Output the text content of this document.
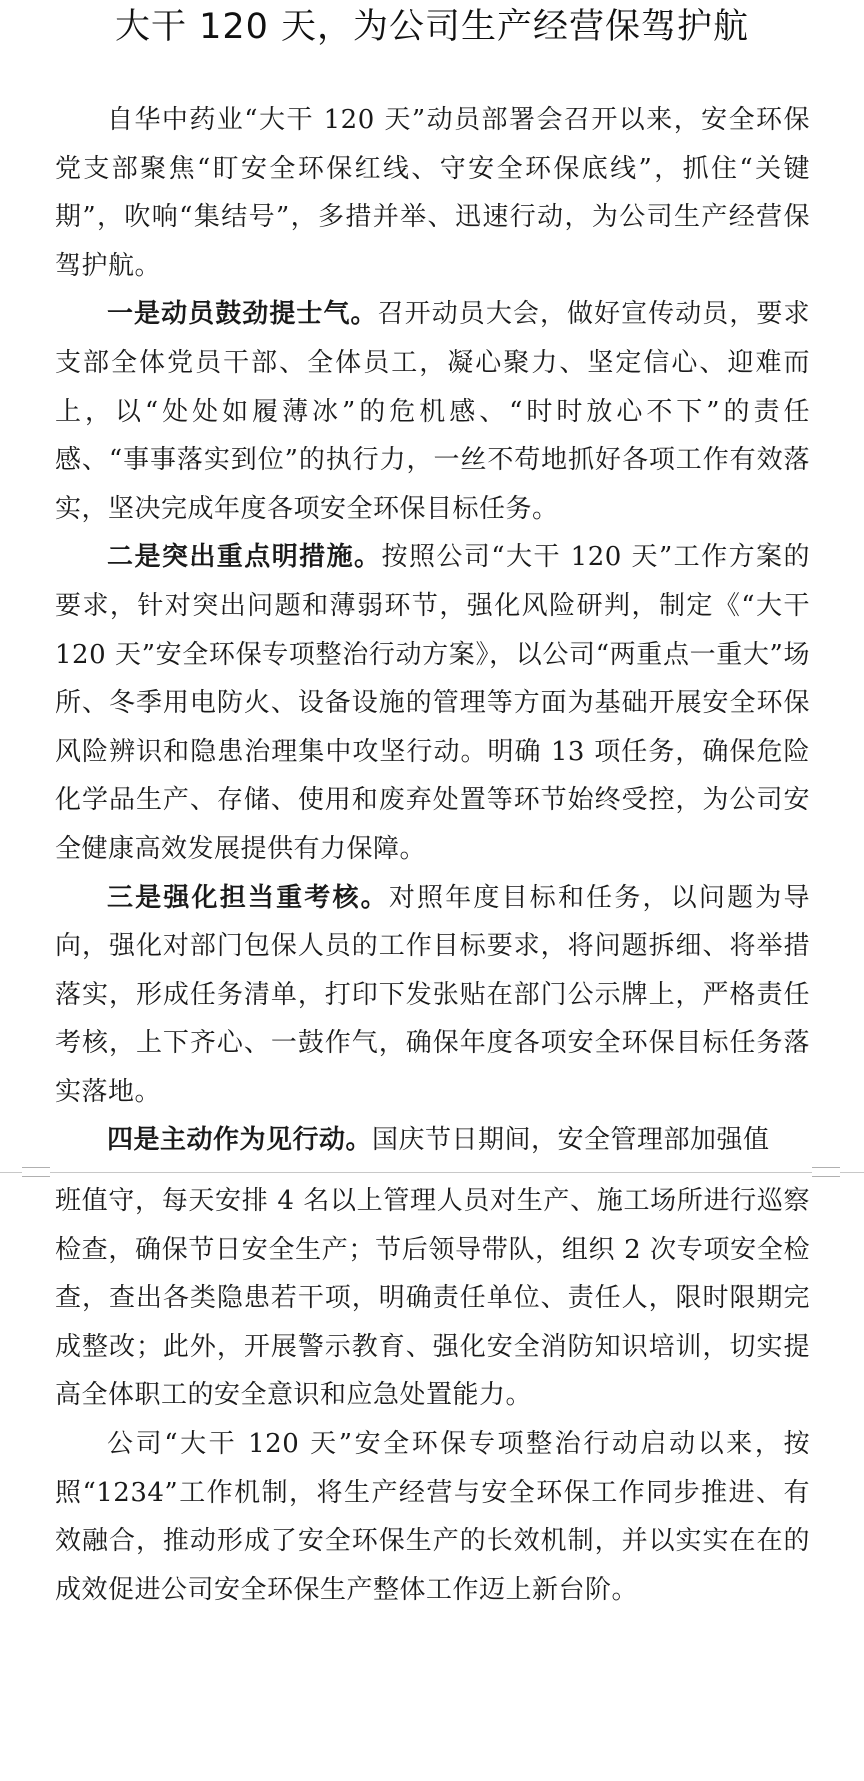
大干 120 天，为公司生产经营保驾护航

自华中药业“大干 120 天”动员部署会召开以来，安全环保党支部聚焦“盯安全环保红线、守安全环保底线”，抓住“关键期”，吹响“集结号”，多措并举、迅速行动，为公司生产经营保驾护航。

一是动员鼓劲提士气。召开动员大会，做好宣传动员，要求支部全体党员干部、全体员工，凝心聚力、坚定信心、迎难而上，以“处处如履薄冰”的危机感、“时时放心不下”的责任感、“事事落实到位”的执行力，一丝不苟地抓好各项工作有效落实，坚决完成年度各项安全环保目标任务。

二是突出重点明措施。按照公司“大干 120 天”工作方案的要求，针对突出问题和薄弱环节，强化风险研判，制定《“大干 120 天”安全环保专项整治行动方案》，以公司“两重点一重大”场所、冬季用电防火、设备设施的管理等方面为基础开展安全环保风险辨识和隐患治理集中攻坚行动。明确 13 项任务，确保危险化学品生产、存储、使用和废弃处置等环节始终受控，为公司安全健康高效发展提供有力保障。

三是强化担当重考核。对照年度目标和任务，以问题为导向，强化对部门包保人员的工作目标要求，将问题拆细、将举措落实，形成任务清单，打印下发张贴在部门公示牌上，严格责任考核，上下齐心、一鼓作气，确保年度各项安全环保目标任务落实落地。

四是主动作为见行动。国庆节日期间，安全管理部加强值

班值守，每天安排 4 名以上管理人员对生产、施工场所进行巡察检查，确保节日安全生产；节后领导带队，组织 2 次专项安全检查，查出各类隐患若干项，明确责任单位、责任人，限时限期完成整改；此外，开展警示教育、强化安全消防知识培训，切实提高全体职工的安全意识和应急处置能力。

公司“大干 120 天”安全环保专项整治行动启动以来，按照“1234”工作机制，将生产经营与安全环保工作同步推进、有效融合，推动形成了安全环保生产的长效机制，并以实实在在的成效促进公司安全环保生产整体工作迈上新台阶。
